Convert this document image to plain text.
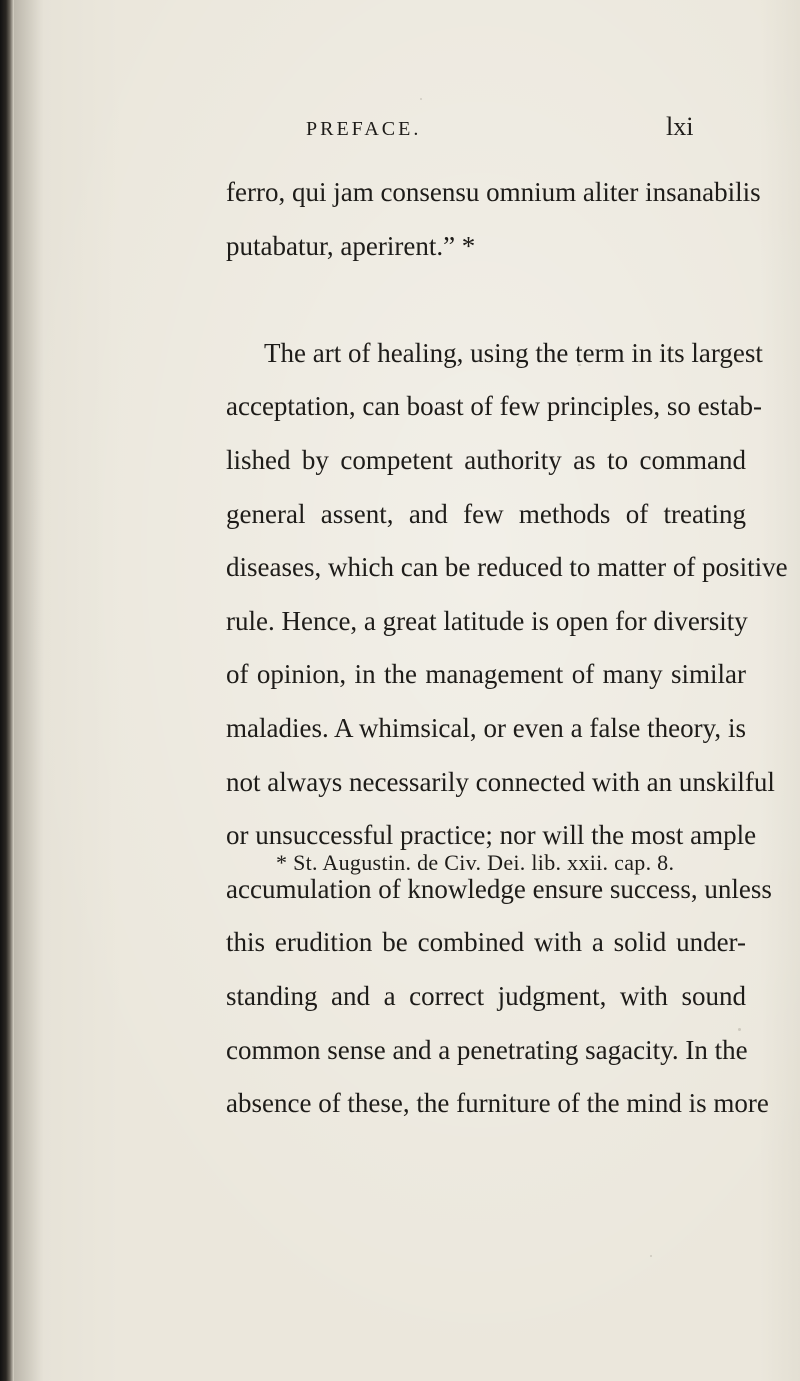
PREFACE.	lxi
ferro, qui jam consensu omnium aliter insanabilis
putabatur, aperirent.” *
The art of healing, using the term in its largest
acceptation, can boast of few principles, so estab-
lished by competent authority as to command
general assent, and few methods of treating
diseases, which can be reduced to matter of positive
rule. Hence, a great latitude is open for diversity
of opinion, in the management of many similar
maladies. A whimsical, or even a false theory, is
not always necessarily connected with an unskilful
or unsuccessful practice; nor will the most ample
accumulation of knowledge ensure success, unless
this erudition be combined with a solid under-
standing and a correct judgment, with sound
common sense and a penetrating sagacity. In the
absence of these, the furniture of the mind is more
* St. Augustin. de Civ. Dei. lib. xxii. cap. 8.
